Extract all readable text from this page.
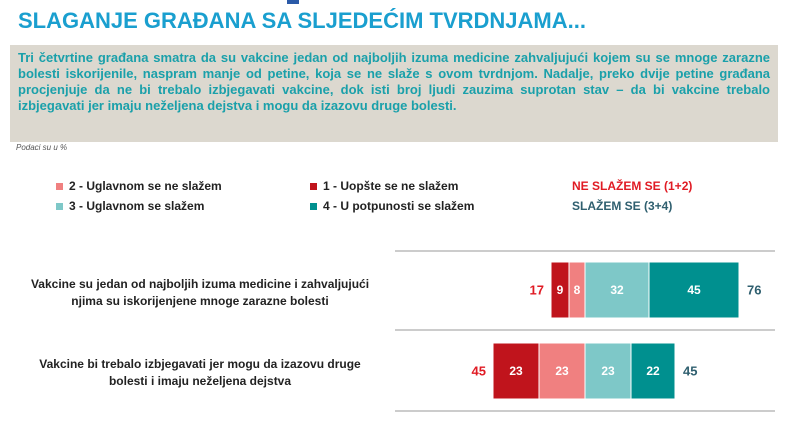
SLAGANJE GRAĐANA SA SLJEDEĆIM TVRDNJAMA...

Tri četvrtine građana smatra da su vakcine jedan od najboljih izuma medicine zahvaljujući kojem su se mnoge zarazne bolesti iskorijenile, naspram manje od petine, koja se ne slaže s ovom tvrdnjom. Nadalje, preko dvije petine građana procjenjuje da ne bi trebalo izbjegavati vakcine, dok isti broj ljudi zauzima suprotan stav – da bi vakcine trebalo izbjegavati jer imaju neželjena dejstva i mogu da izazovu druge bolesti.

Podaci su u %
2 - Uglavnom se ne slažem	1 - Uopšte se ne slažem
3 - Uglavnom se slažem	4 - U potpunosti se slažem
NE SLAŽEM SE (1+2)
SLAŽEM SE (3+4)
Vakcine su jedan od najboljih izuma medicine i zahvaljujući
njima su iskorijenjene mnoge zarazne bolesti
Vakcine bi trebalo izbjegavati jer mogu da izazovu druge
bolesti i imaju neželjena dejstva
9 8 32	45
17	76
23	23	23	22
45	45
